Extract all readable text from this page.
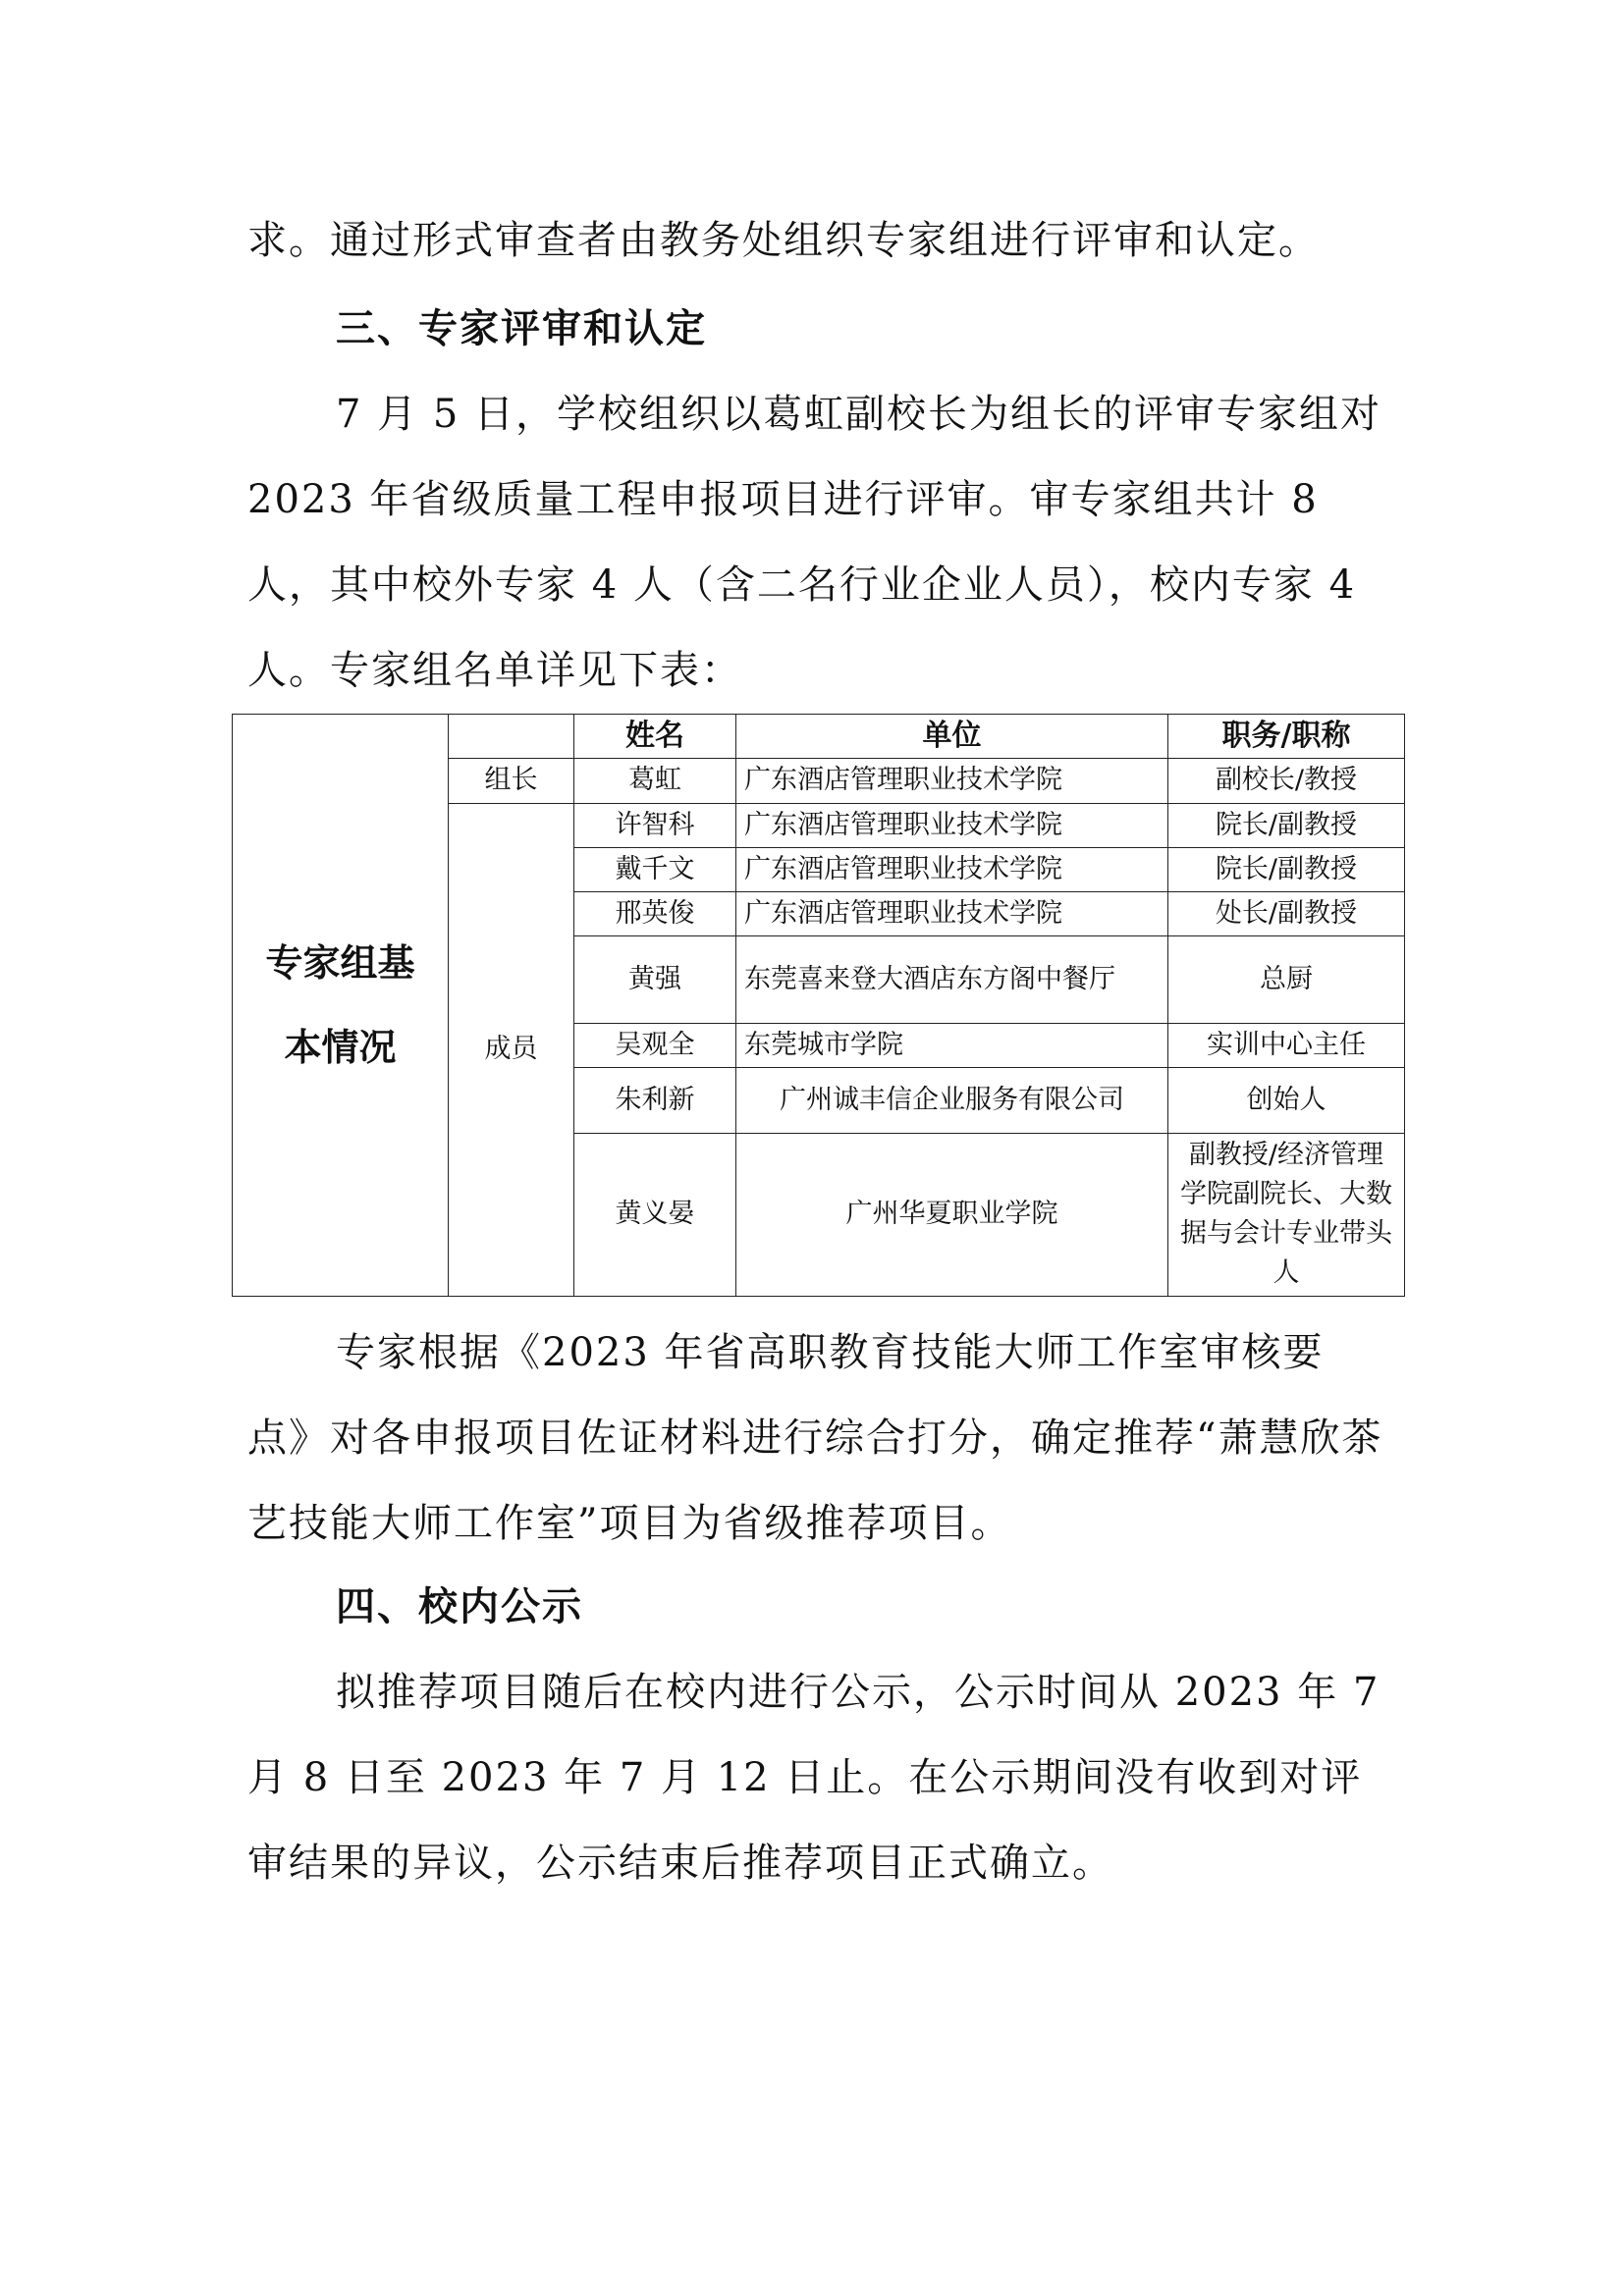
求。通过形式审查者由教务处组织专家组进行评审和认定。

三、专家评审和认定

7 月 5 日，学校组织以葛虹副校长为组长的评审专家组对 2023 年省级质量工程申报项目进行评审。审专家组共计 8 人，其中校外专家 4 人（含二名行业企业人员），校内专家 4 人。专家组名单详见下表：

专家组基本情况		姓名	单位	职务/职称
	组长	葛虹	广东酒店管理职业技术学院	副校长/教授
	成员	许智科	广东酒店管理职业技术学院	院长/副教授
		戴千文	广东酒店管理职业技术学院	院长/副教授
		邢英俊	广东酒店管理职业技术学院	处长/副教授
		黄强	东莞喜来登大酒店东方阁中餐厅	总厨
		吴观全	东莞城市学院	实训中心主任
		朱利新	广州诚丰信企业服务有限公司	创始人
		黄义晏	广州华夏职业学院	副教授/经济管理学院副院长、大数据与会计专业带头人

专家根据《2023 年省高职教育技能大师工作室审核要点》对各申报项目佐证材料进行综合打分，确定推荐“萧慧欣茶艺技能大师工作室”项目为省级推荐项目。

四、校内公示

拟推荐项目随后在校内进行公示，公示时间从 2023 年 7 月 8 日至 2023 年 7 月 12 日止。在公示期间没有收到对评审结果的异议，公示结束后推荐项目正式确立。
